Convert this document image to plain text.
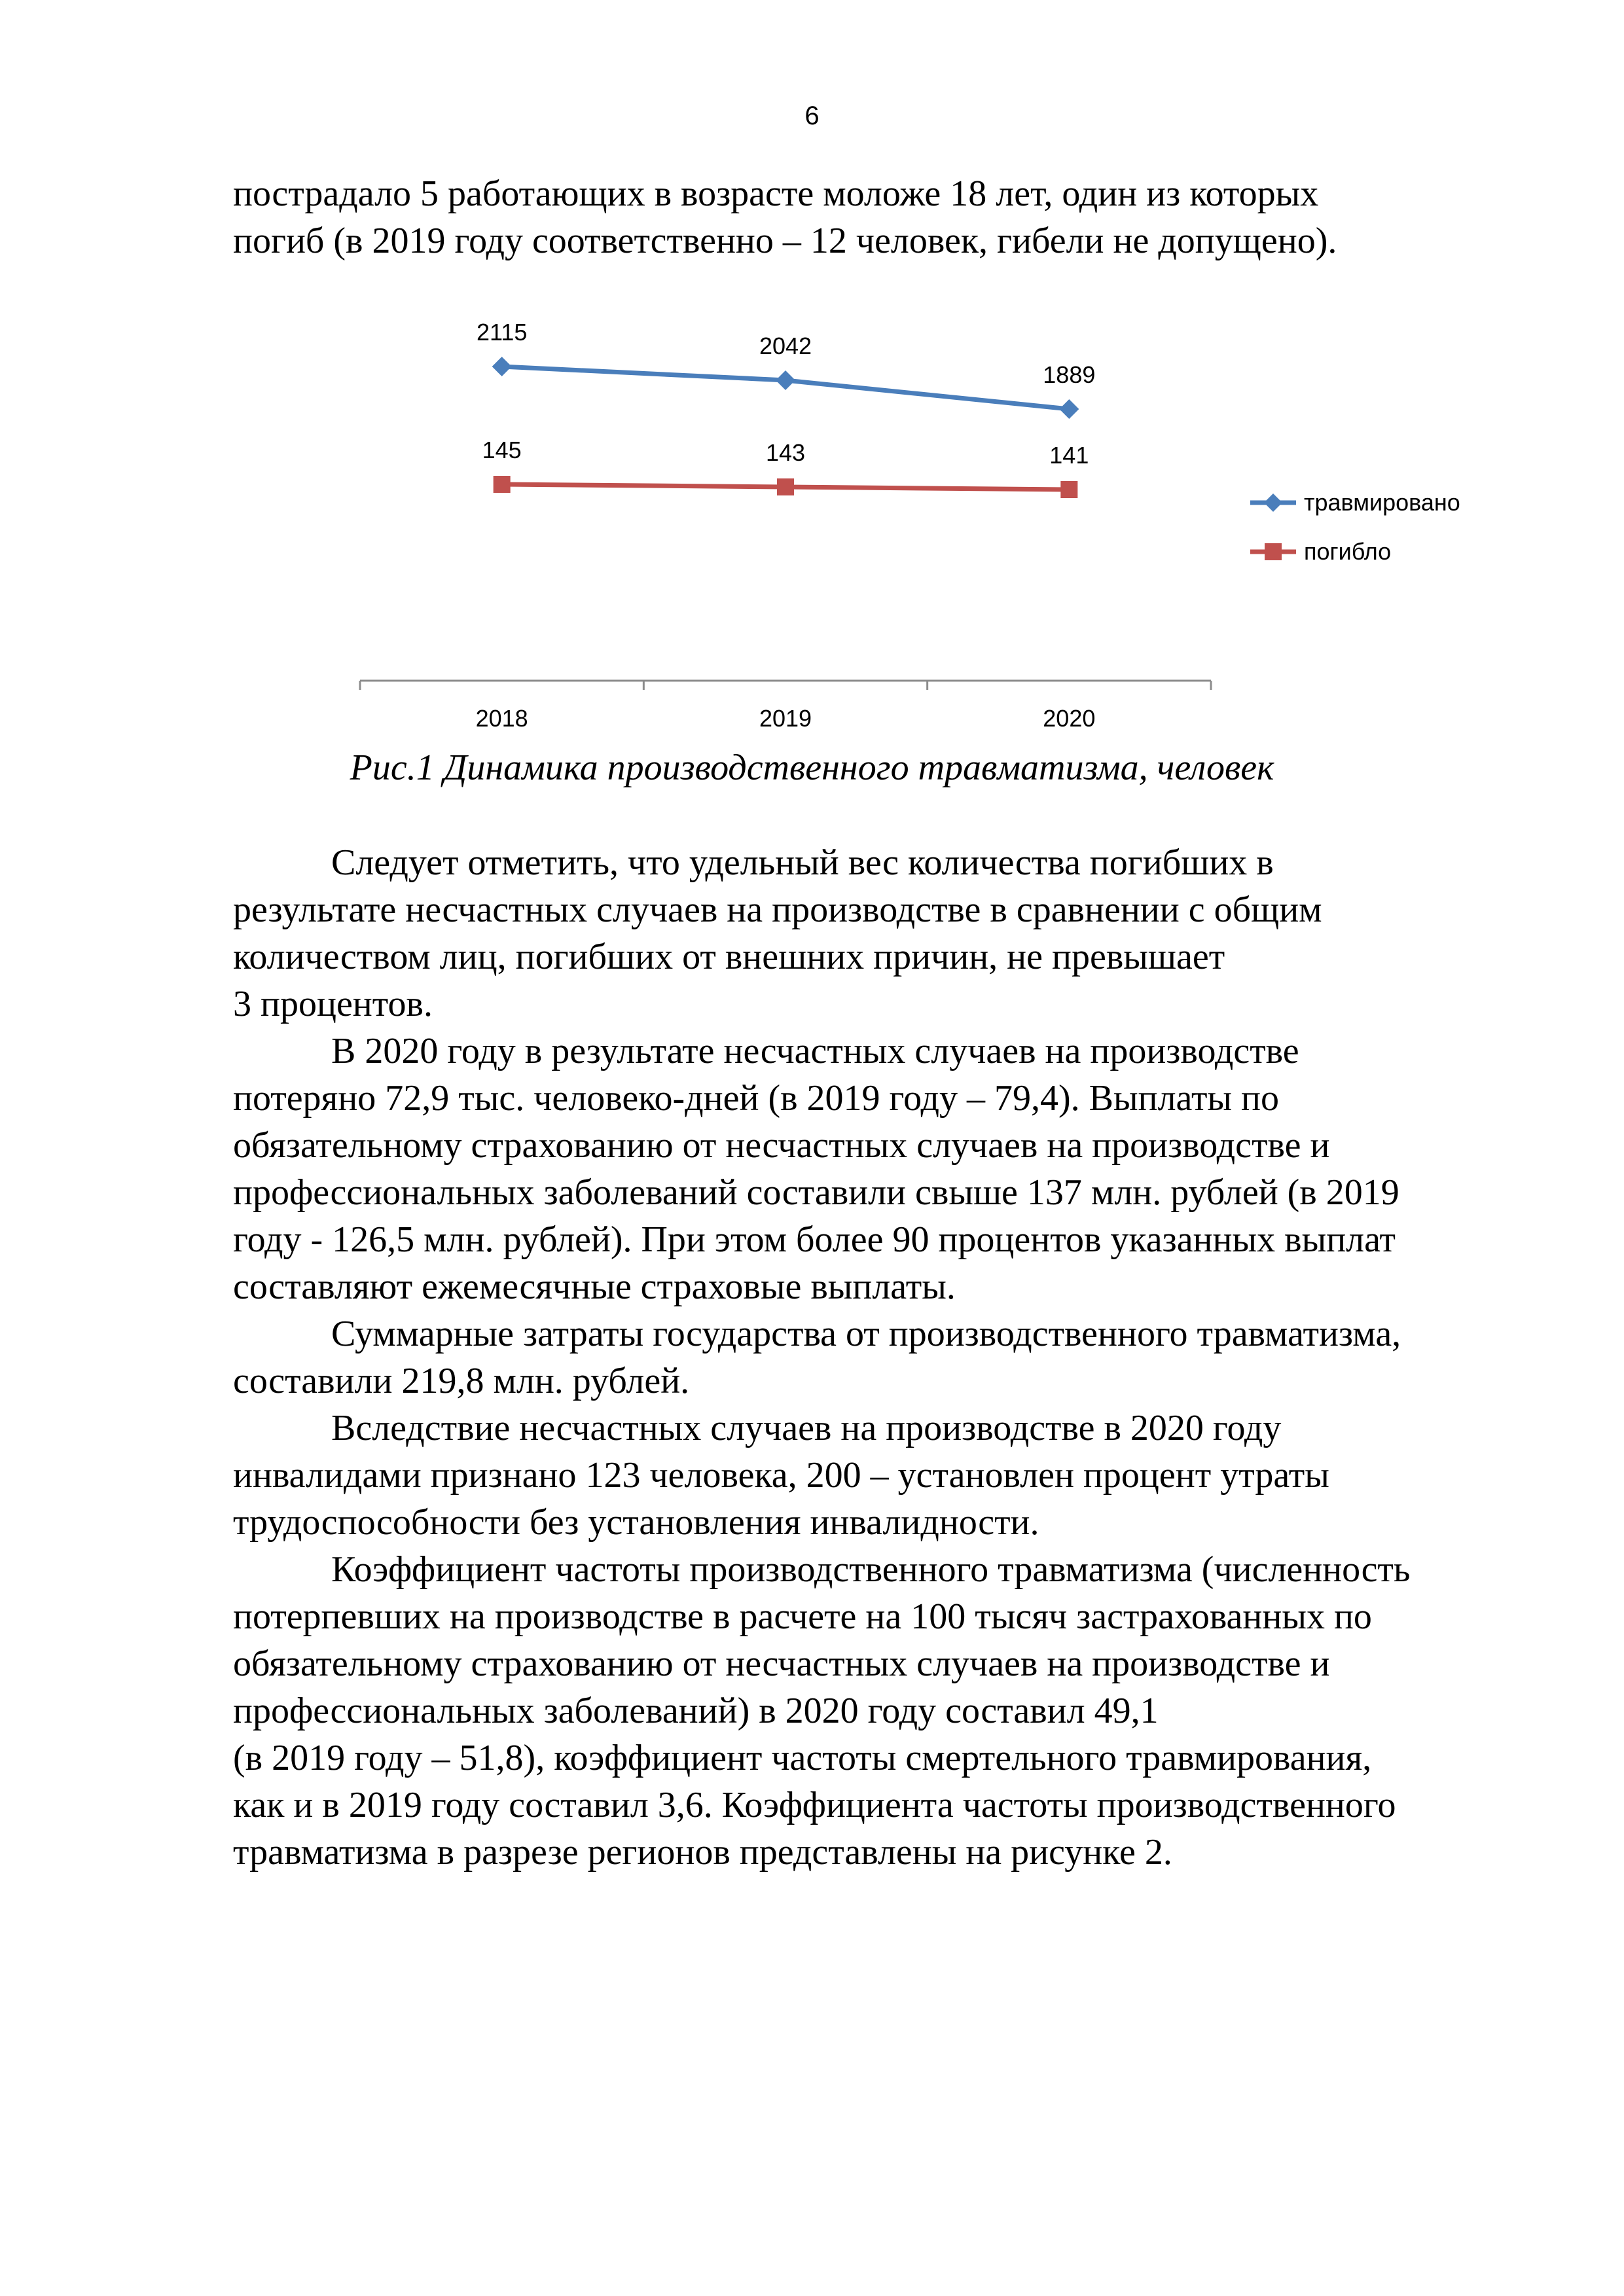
6

пострадало 5 работающих в возрасте моложе 18 лет, один из которых
погиб (в 2019 году соответственно – 12 человек, гибели не допущено).

2018	2019	2020
2115
2042
1889
145	143	141
травмировано
погибло
Рис.1 Динамика производственного травматизма, человек

Следует отметить, что удельный вес количества погибших в
результате несчастных случаев на производстве в сравнении с общим
количеством лиц, погибших от внешних причин, не превышает
3 процентов.

В 2020 году в результате несчастных случаев на производстве
потеряно 72,9 тыс. человеко-дней (в 2019 году – 79,4). Выплаты по
обязательному страхованию от несчастных случаев на производстве и
профессиональных заболеваний составили свыше 137 млн. рублей (в 2019
году - 126,5 млн. рублей). При этом более 90 процентов указанных выплат
составляют ежемесячные страховые выплаты.

Суммарные затраты государства от производственного травматизма,
составили 219,8 млн. рублей.

Вследствие несчастных случаев на производстве в 2020 году
инвалидами признано 123 человека, 200 – установлен процент утраты
трудоспособности без установления инвалидности.

Коэффициент частоты производственного травматизма (численность
потерпевших на производстве в расчете на 100 тысяч застрахованных по
обязательному страхованию от несчастных случаев на производстве и
профессиональных заболеваний) в 2020 году составил 49,1
(в 2019 году – 51,8), коэффициент частоты смертельного травмирования,
как и в 2019 году составил 3,6. Коэффициента частоты производственного
травматизма в разрезе регионов представлены на рисунке 2.
